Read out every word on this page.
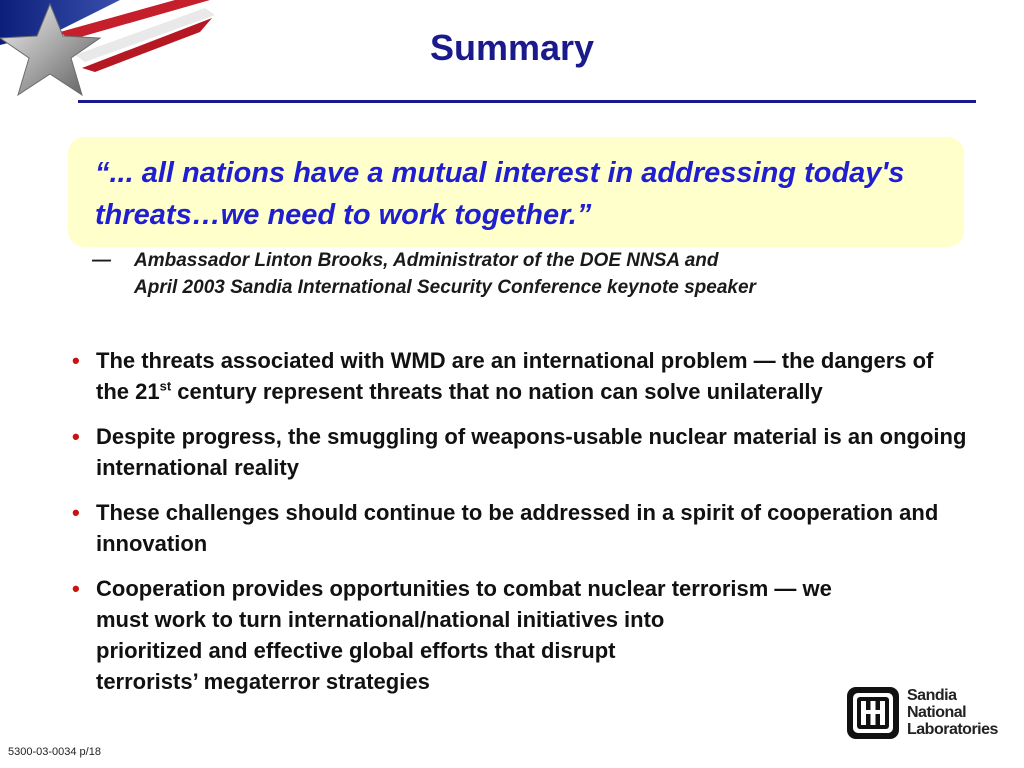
Summary
“... all nations have a mutual interest in addressing today's threats…we need to work together.”
— Ambassador Linton Brooks, Administrator of the DOE NNSA and
April 2003 Sandia International Security Conference keynote speaker
• The threats associated with WMD are an international problem — the dangers of the 21st century represent threats that no nation can solve unilaterally
• Despite progress, the smuggling of weapons-usable nuclear material is an ongoing international reality
• These challenges should continue to be addressed in a spirit of cooperation and innovation
• Cooperation provides opportunities to combat nuclear terrorism — we
must work to turn international/national initiatives into
prioritized and effective global efforts that disrupt
terrorists’ megaterror strategies
Sandia
National
Laboratories
5300-03-0034 p/18
